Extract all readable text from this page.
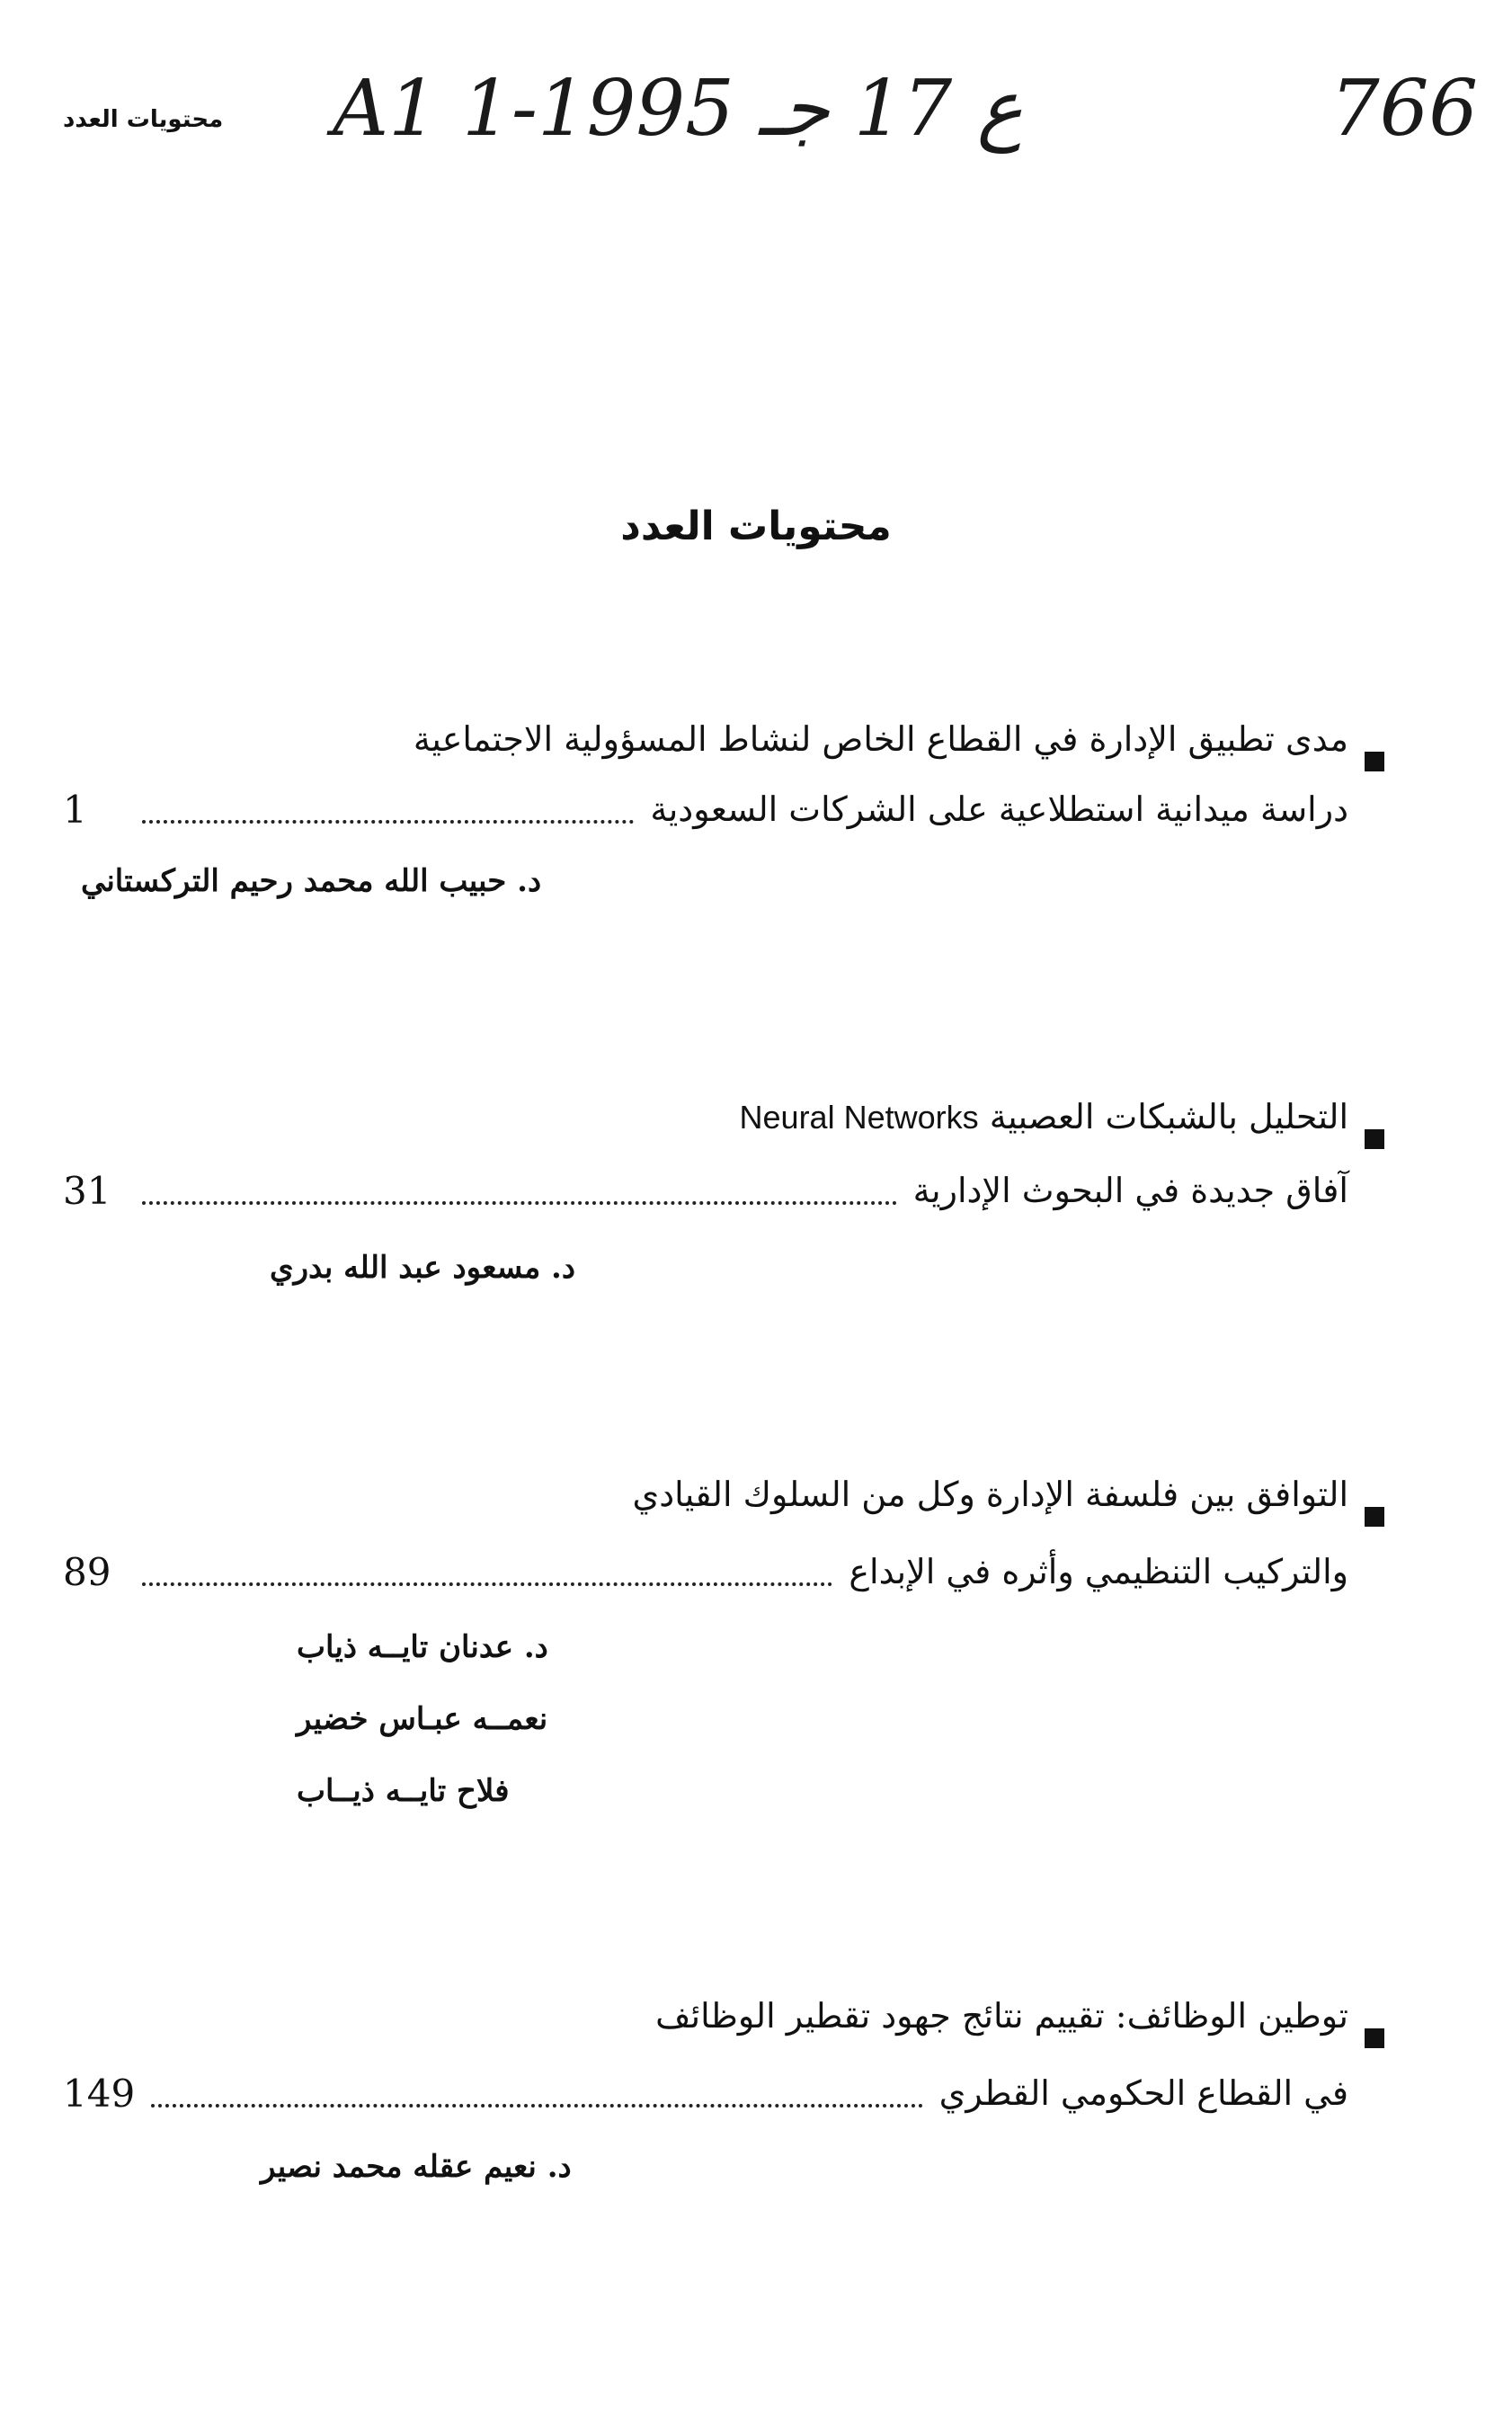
محتويات العدد A1 1-ع 17 جـ 1995	766
محتويات العدد
مدى تطبيق الإدارة في القطاع الخاص لنشاط المسؤولية الاجتماعية
1	دراسة ميدانية استطلاعية على الشركات السعودية
د. حبيب الله محمد رحيم التركستاني
التحليل بالشبكات العصبية Neural Networks
31	آفاق جديدة في البحوث الإدارية
د. مسعود عبد الله بدري
التوافق بين فلسفة الإدارة وكل من السلوك القيادي
89	والتركيب التنظيمي وأثره في الإبداع
د. عدنان تايــه ذياب
نعمــه عبـاس خضير
فلاح تايــه ذيــاب
توطين الوظائف: تقييم نتائج جهود تقطير الوظائف
149	في القطاع الحكومي القطري
د. نعيم عقله محمد نصير
